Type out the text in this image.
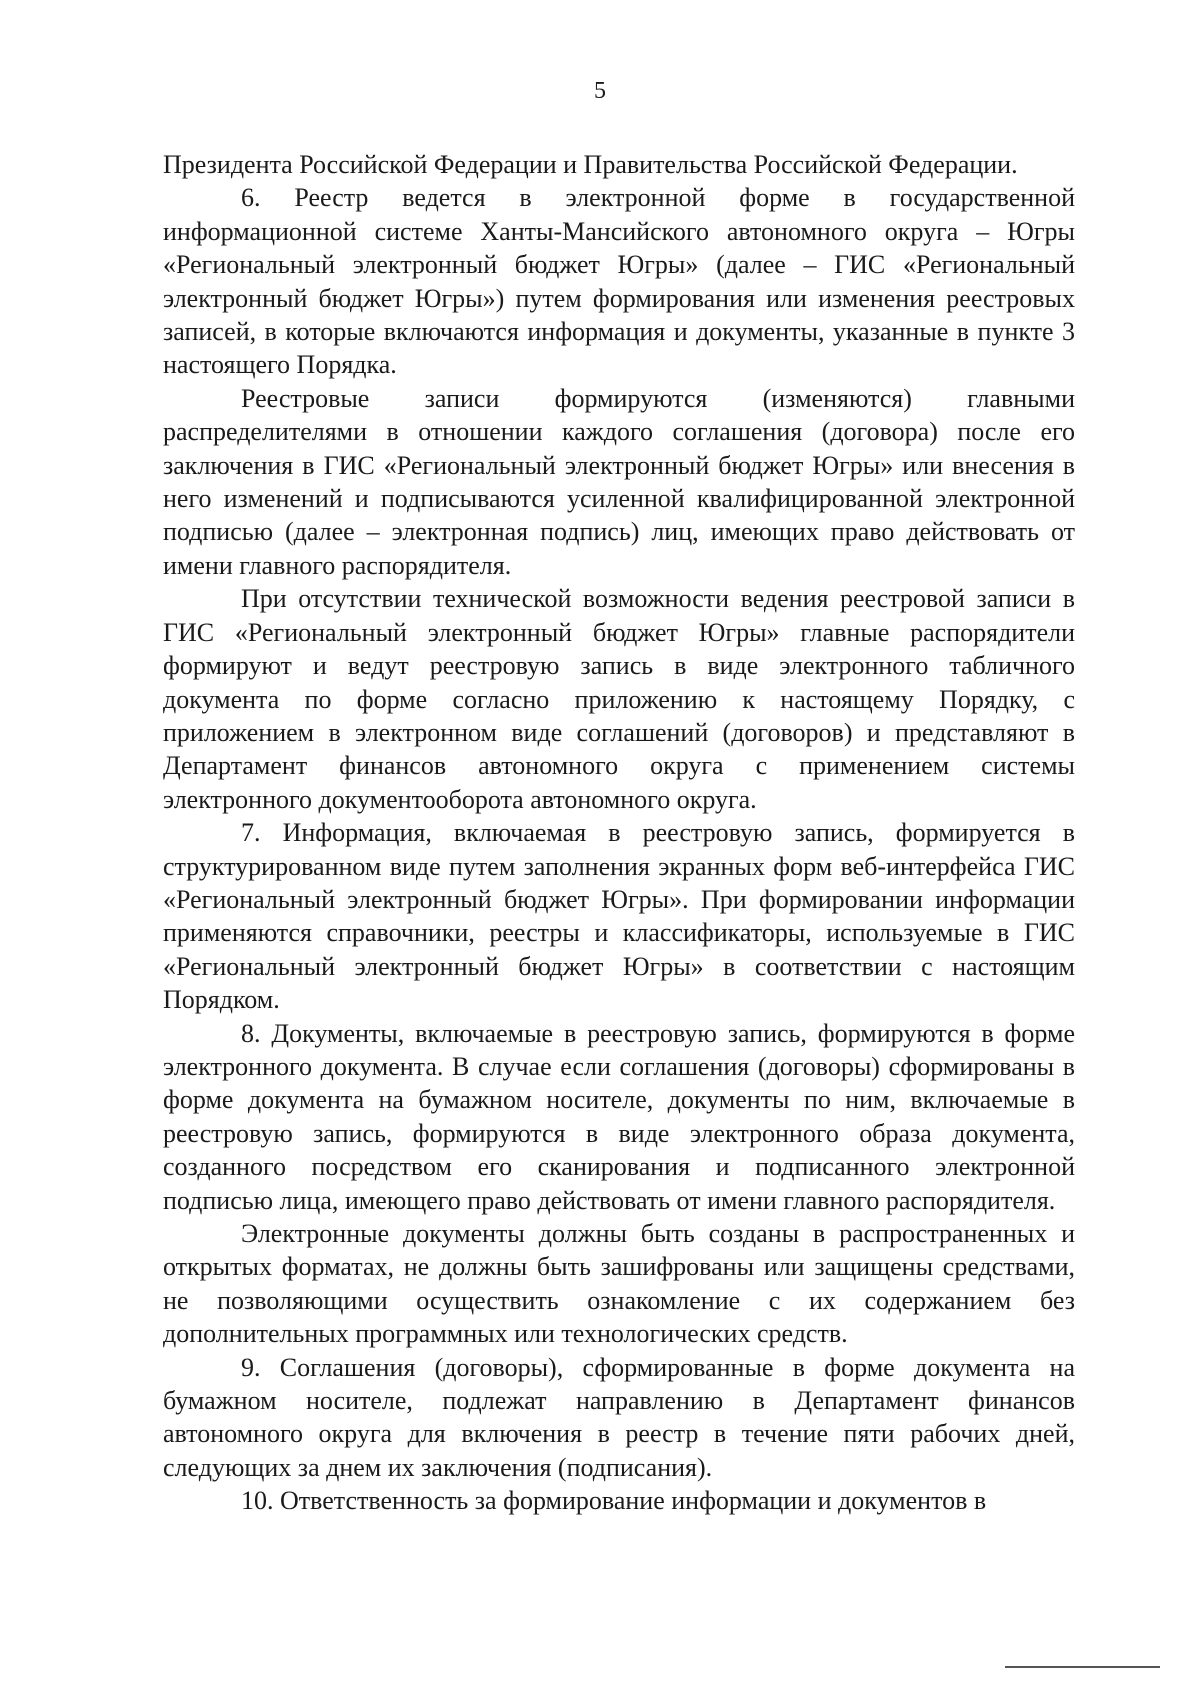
5

Президента Российской Федерации и Правительства Российской Федерации.

6. Реестр ведется в электронной форме в государственной информационной системе Ханты-Мансийского автономного округа – Югры «Региональный электронный бюджет Югры» (далее – ГИС «Региональный электронный бюджет Югры») путем формирования или изменения реестровых записей, в которые включаются информация и документы, указанные в пункте 3 настоящего Порядка.

Реестровые записи формируются (изменяются) главными распределителями в отношении каждого соглашения (договора) после его заключения в ГИС «Региональный электронный бюджет Югры» или внесения в него изменений и подписываются усиленной квалифицированной электронной подписью (далее – электронная подпись) лиц, имеющих право действовать от имени главного распорядителя.

При отсутствии технической возможности ведения реестровой записи в ГИС «Региональный электронный бюджет Югры» главные распорядители формируют и ведут реестровую запись в виде электронного табличного документа по форме согласно приложению к настоящему Порядку, с приложением в электронном виде соглашений (договоров) и представляют в Департамент финансов автономного округа с применением системы электронного документооборота автономного округа.

7. Информация, включаемая в реестровую запись, формируется в структурированном виде путем заполнения экранных форм веб-интерфейса ГИС «Региональный электронный бюджет Югры». При формировании информации применяются справочники, реестры и классификаторы, используемые в ГИС «Региональный электронный бюджет Югры» в соответствии с настоящим Порядком.

8. Документы, включаемые в реестровую запись, формируются в форме электронного документа. В случае если соглашения (договоры) сформированы в форме документа на бумажном носителе, документы по ним, включаемые в реестровую запись, формируются в виде электронного образа документа, созданного посредством его сканирования и подписанного электронной подписью лица, имеющего право действовать от имени главного распорядителя.

Электронные документы должны быть созданы в распространенных и открытых форматах, не должны быть зашифрованы или защищены средствами, не позволяющими осуществить ознакомление с их содержанием без дополнительных программных или технологических средств.

9. Соглашения (договоры), сформированные в форме документа на бумажном носителе, подлежат направлению в Департамент финансов автономного округа для включения в реестр в течение пяти рабочих дней, следующих за днем их заключения (подписания).

10. Ответственность за формирование информации и документов в
